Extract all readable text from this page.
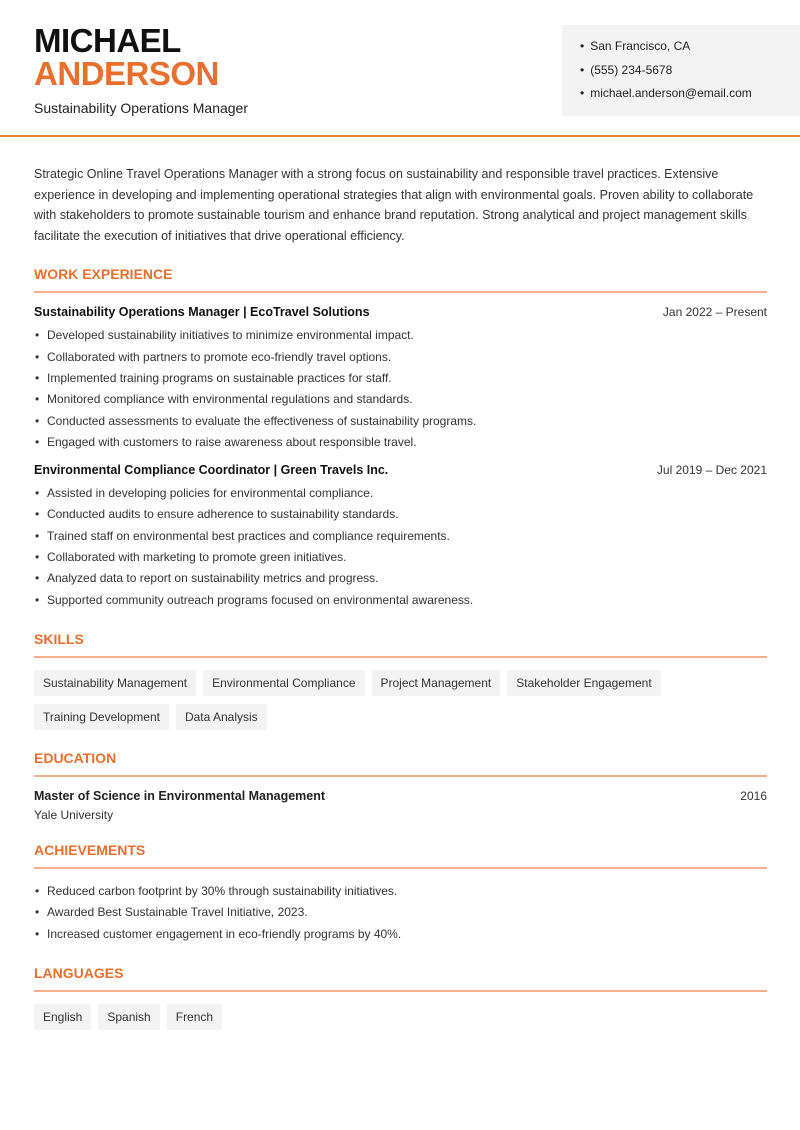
MICHAEL
ANDERSON
Sustainability Operations Manager
• San Francisco, CA
• (555) 234-5678
• michael.anderson@email.com

Strategic Online Travel Operations Manager with a strong focus on sustainability and responsible travel practices. Extensive experience in developing and implementing operational strategies that align with environmental goals. Proven ability to collaborate with stakeholders to promote sustainable tourism and enhance brand reputation. Strong analytical and project management skills facilitate the execution of initiatives that drive operational efficiency.

WORK EXPERIENCE
Sustainability Operations Manager | EcoTravel Solutions	Jan 2022 – Present
• Developed sustainability initiatives to minimize environmental impact.
• Collaborated with partners to promote eco-friendly travel options.
• Implemented training programs on sustainable practices for staff.
• Monitored compliance with environmental regulations and standards.
• Conducted assessments to evaluate the effectiveness of sustainability programs.
• Engaged with customers to raise awareness about responsible travel.
Environmental Compliance Coordinator | Green Travels Inc.	Jul 2019 – Dec 2021
• Assisted in developing policies for environmental compliance.
• Conducted audits to ensure adherence to sustainability standards.
• Trained staff on environmental best practices and compliance requirements.
• Collaborated with marketing to promote green initiatives.
• Analyzed data to report on sustainability metrics and progress.
• Supported community outreach programs focused on environmental awareness.
SKILLS
Sustainability Management	Environmental Compliance	Project Management	Stakeholder Engagement
Training Development	Data Analysis
EDUCATION
Master of Science in Environmental Management	2016
Yale University
ACHIEVEMENTS
• Reduced carbon footprint by 30% through sustainability initiatives.
• Awarded Best Sustainable Travel Initiative, 2023.
• Increased customer engagement in eco-friendly programs by 40%.
LANGUAGES
English	Spanish	French
